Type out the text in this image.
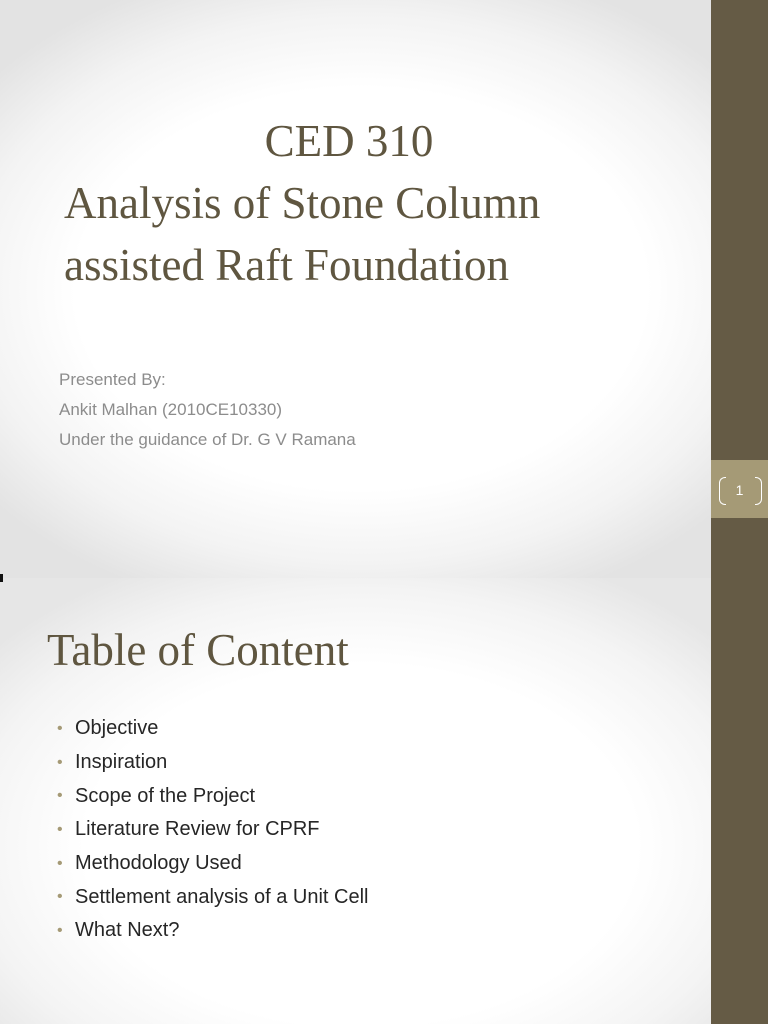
CED 310
Analysis of Stone Column
assisted Raft Foundation
Presented By:
Ankit Malhan (2010CE10330)
Under the guidance of Dr. G V Ramana
1
Table of Content
• Objective
• Inspiration
• Scope of the Project
• Literature Review for CPRF
• Methodology Used
• Settlement analysis of a Unit Cell
• What Next?
